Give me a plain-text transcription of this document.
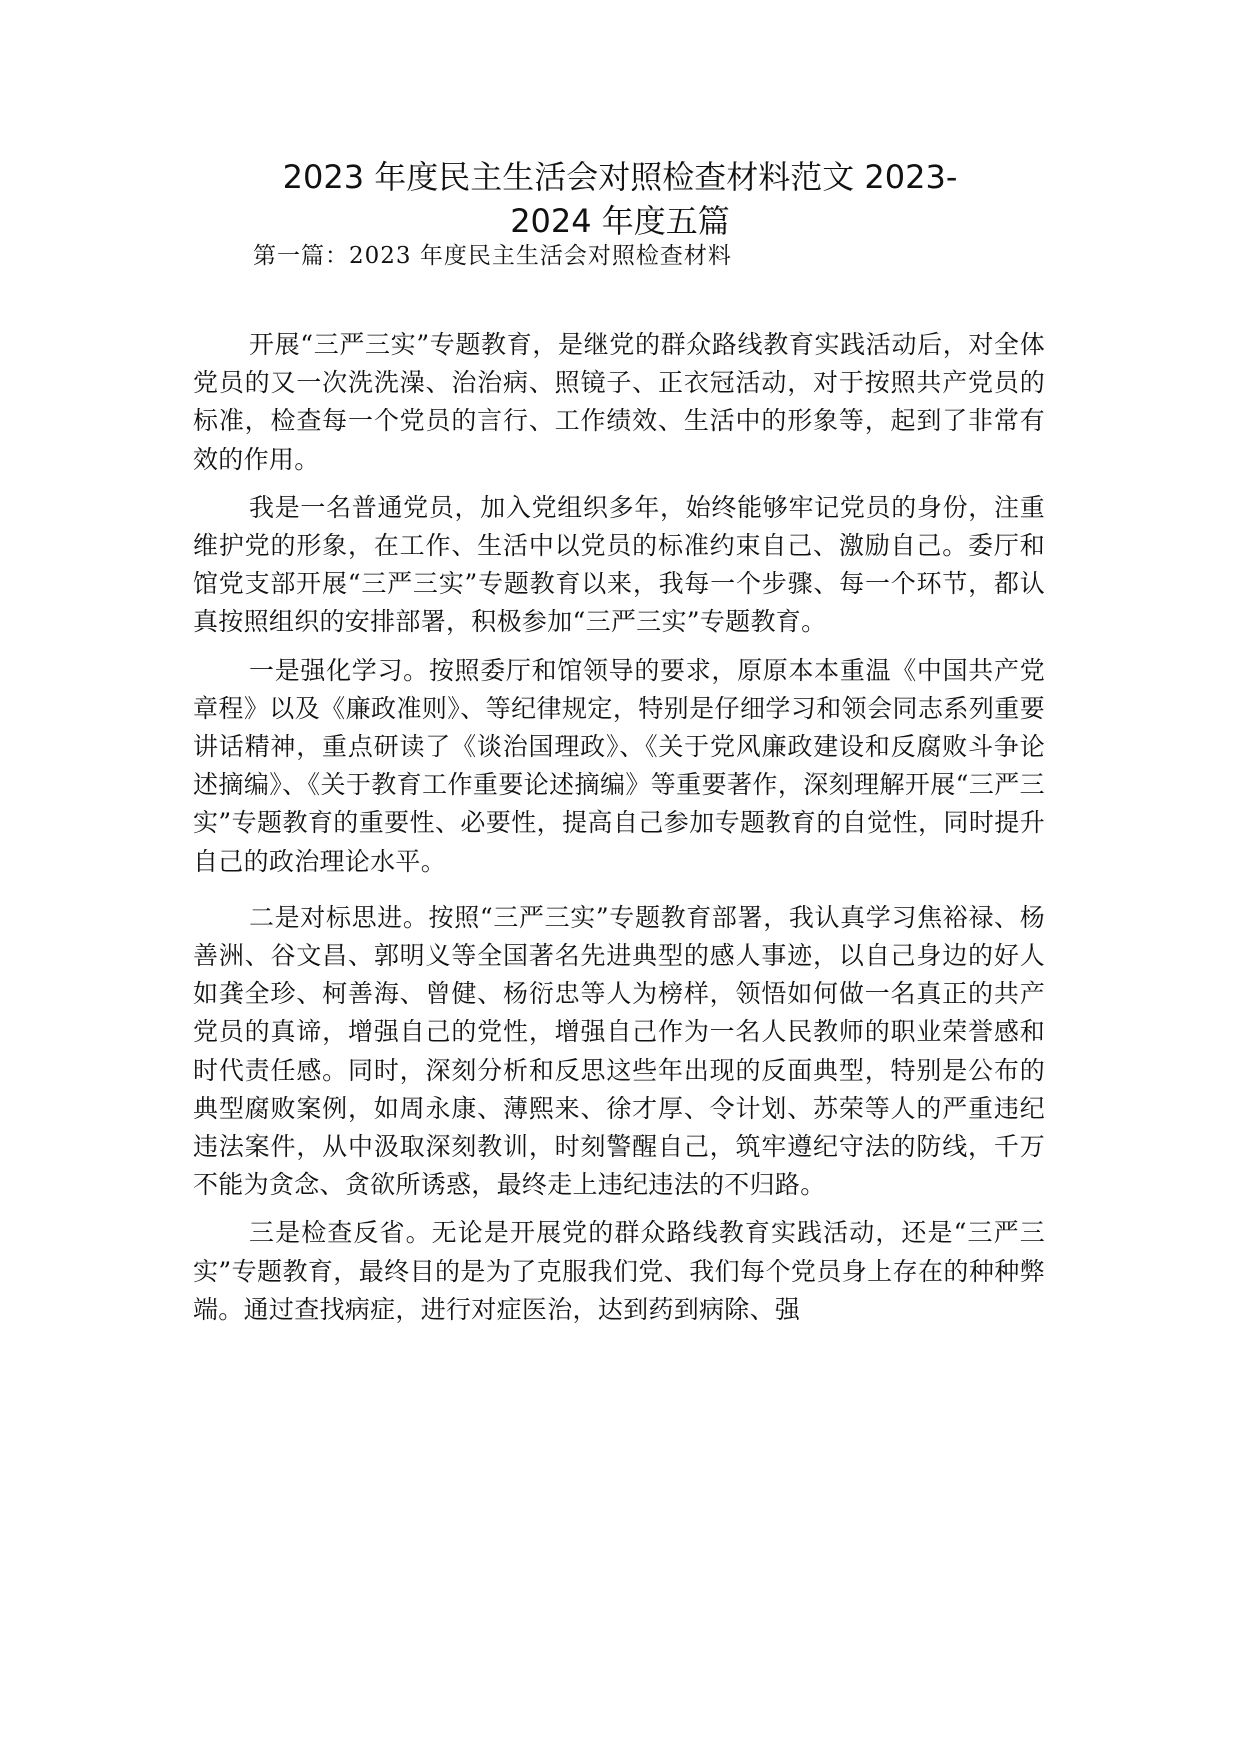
2023 年度民主生活会对照检查材料范文 2023-
2024 年度五篇

第一篇：2023 年度民主生活会对照检查材料

开展“三严三实”专题教育，是继党的群众路线教育实践活动后，对全体党员的又一次洗洗澡、治治病、照镜子、正衣冠活动，对于按照共产党员的标准，检查每一个党员的言行、工作绩效、生活中的形象等，起到了非常有效的作用。

我是一名普通党员，加入党组织多年，始终能够牢记党员的身份，注重维护党的形象，在工作、生活中以党员的标准约束自己、激励自己。委厅和馆党支部开展“三严三实”专题教育以来，我每一个步骤、每一个环节，都认真按照组织的安排部署，积极参加“三严三实”专题教育。

一是强化学习。按照委厅和馆领导的要求，原原本本重温《中国共产党章程》以及《廉政准则》、等纪律规定，特别是仔细学习和领会同志系列重要讲话精神，重点研读了《谈治国理政》、《关于党风廉政建设和反腐败斗争论述摘编》、《关于教育工作重要论述摘编》等重要著作，深刻理解开展“三严三实”专题教育的重要性、必要性，提高自己参加专题教育的自觉性，同时提升自己的政治理论水平。

二是对标思进。按照“三严三实”专题教育部署，我认真学习焦裕禄、杨善洲、谷文昌、郭明义等全国著名先进典型的感人事迹，以自己身边的好人如龚全珍、柯善海、曾健、杨衍忠等人为榜样，领悟如何做一名真正的共产党员的真谛，增强自己的党性，增强自己作为一名人民教师的职业荣誉感和时代责任感。同时，深刻分析和反思这些年出现的反面典型，特别是公布的典型腐败案例，如周永康、薄熙来、徐才厚、令计划、苏荣等人的严重违纪违法案件，从中汲取深刻教训，时刻警醒自己，筑牢遵纪守法的防线，千万不能为贪念、贪欲所诱惑，最终走上违纪违法的不归路。

三是检查反省。无论是开展党的群众路线教育实践活动，还是“三严三实”专题教育，最终目的是为了克服我们党、我们每个党员身上存在的种种弊端。通过查找病症，进行对症医治，达到药到病除、强
